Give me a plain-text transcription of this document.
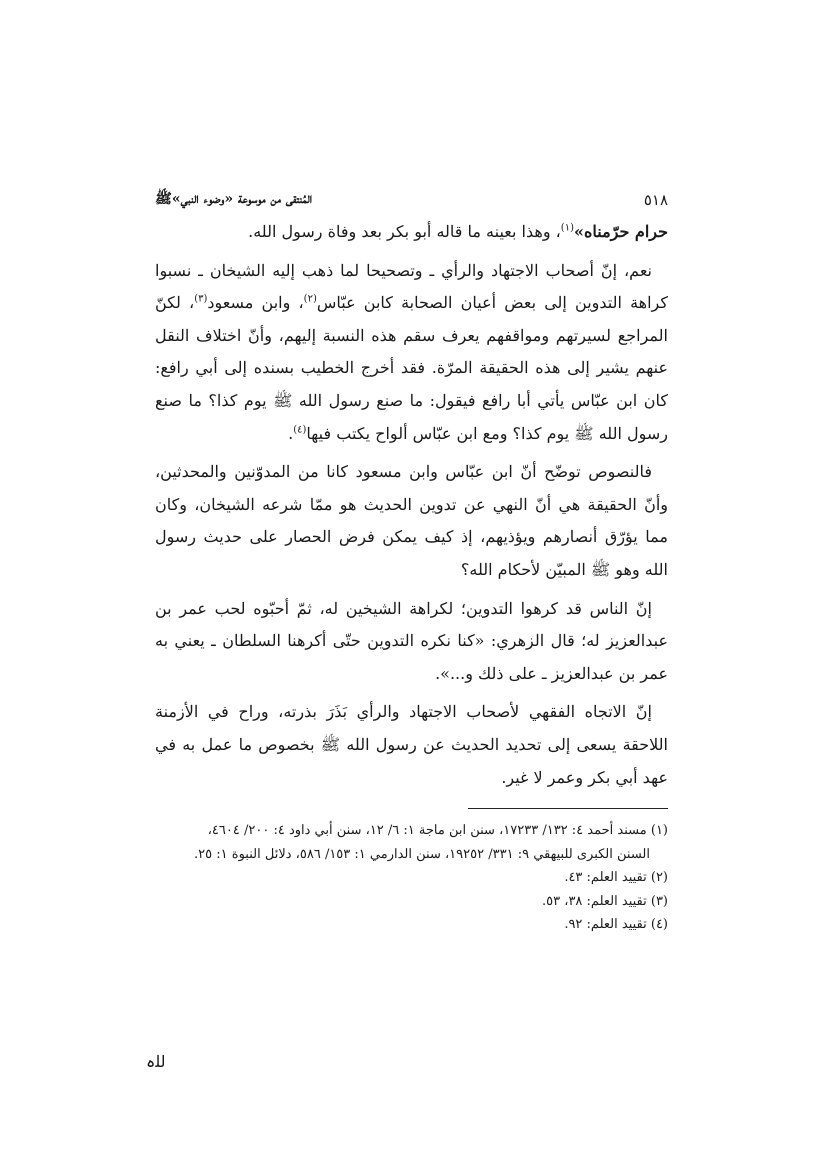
٥١٨
المُنتقى من موسوعة «وضوء النبي»ﷺ

حرام حرّمناه»$^{(١)}$، وهذا بعينه ما قاله أبو بكر بعد وفاة رسول الله.

نعم، إنّ أصحاب الاجتهاد والرأي ـ وتصحيحا لما ذهب إليه الشيخان ـ نسبوا كراهة التدوين إلى بعض أعيان الصحابة كابن عبّاس$^{(٢)}$، وابن مسعود$^{(٣)}$، لكنّ المراجع لسيرتهم ومواقفهم يعرف سقم هذه النسبة إليهم، وأنّ اختلاف النقل عنهم يشير إلى هذه الحقيقة المرّة. فقد أخرج الخطيب بسنده إلى أبي رافع: كان ابن عبّاس يأتي أبا رافع فيقول: ما صنع رسول الله ﷺ يوم كذا؟ ما صنع رسول الله ﷺ يوم كذا؟ ومع ابن عبّاس ألواح يكتب فيها$^{(٤)}$.

فالنصوص توضّح أنّ ابن عبّاس وابن مسعود كانا من المدوّنين والمحدثين، وأنّ الحقيقة هي أنّ النهي عن تدوين الحديث هو ممّا شرعه الشيخان، وكان مما يؤرّق أنصارهم ويؤذيهم، إذ كيف يمكن فرض الحصار على حديث رسول الله وهو ﷺ المبيّن لأحكام الله؟

إنّ الناس قد كرهوا التدوين؛ لكراهة الشيخين له، ثمّ أحبّوه لحب عمر بن عبدالعزيز له؛ قال الزهري: «كنا نكره التدوين حتّى أكرهنا السلطان ـ يعني به عمر بن عبدالعزيز ـ على ذلك و...».

إنّ الاتجاه الفقهي لأصحاب الاجتهاد والرأي بَذَرَ بذرته، وراح في الأزمنة اللاحقة يسعى إلى تحديد الحديث عن رسول الله ﷺ بخصوص ما عمل به في عهد أبي بكر وعمر لا غير.

(١) مسند أحمد ٤: ١٣٢/ ١٧٢٣٣، سنن ابن ماجة ١: ٦/ ١٢، سنن أبي داود ٤: ٢٠٠/ ٤٦٠٤،

السنن الكبرى للبيهقي ٩: ٣٣١/ ١٩٢٥٢، سنن الدارمي ١: ١٥٣/ ٥٨٦، دلائل النبوة ١: ٢٥.

(٢) تقييد العلم: ٤٣.

(٣) تقييد العلم: ٣٨، ٥٣.

(٤) تقييد العلم: ٩٢.

ﻟﻠہ
